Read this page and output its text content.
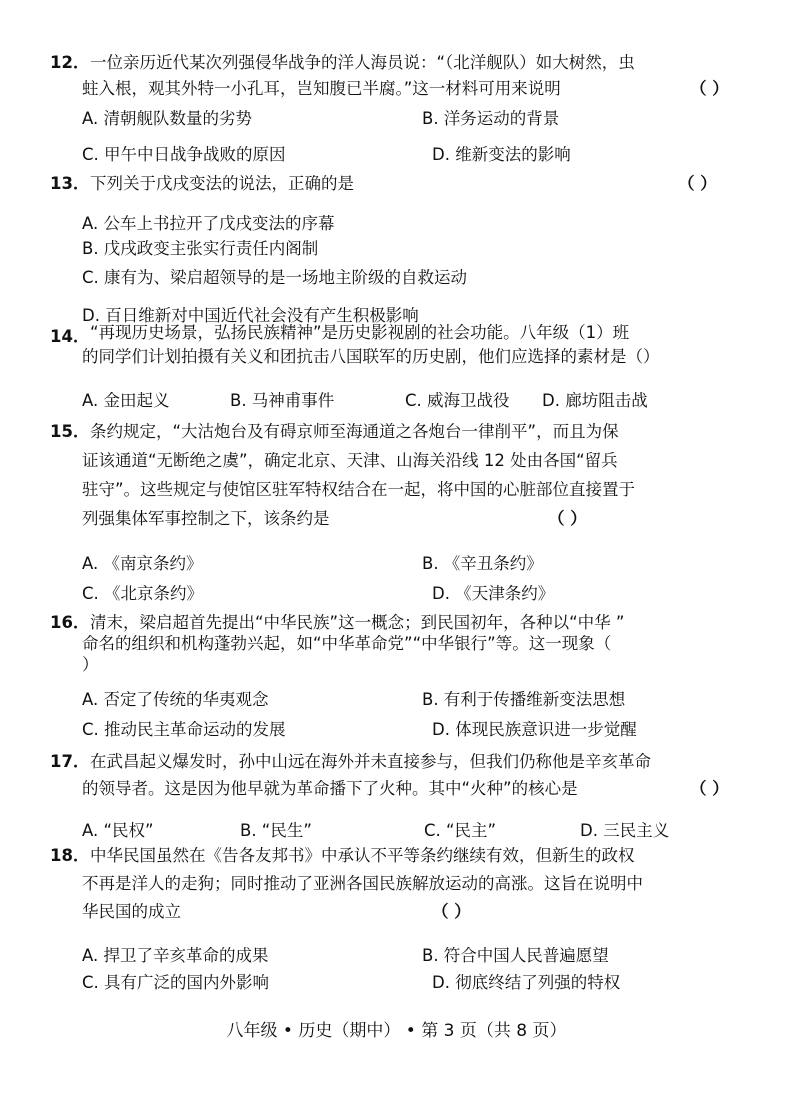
12． 一位亲历近代某次列强侵华战争的洋人海员说：“（北洋舰队）如大树然，虫
蛀入根，观其外特一小孔耳，岂知腹已半腐。”这一材料可用来说明	（ ）
A. 清朝舰队数量的劣势	B. 洋务运动的背景
C. 甲午中日战争战败的原因	D. 维新变法的影响
13． 下列关于戊戌变法的说法，正确的是	（ ）
A. 公车上书拉开了戊戌变法的序幕
B. 戊戌政变主张实行责任内阁制
C. 康有为、梁启超领导的是一场地主阶级的自救运动
D. 百日维新对中国近代社会没有产生积极影响
14． “再现历史场景，弘扬民族精神”是历史影视剧的社会功能。八年级（1）班
的同学们计划拍摄有关义和团抗击八国联军的历史剧，他们应选择的素材是（）
A. 金田起义	B. 马神甫事件	C. 威海卫战役 D. 廊坊阻击战
15． 条约规定，“大沽炮台及有碍京师至海通道之各炮台一律削平”，而且为保
证该通道“无断绝之虞”，确定北京、天津、山海关沿线 12 处由各国“留兵
驻守”。这些规定与使馆区驻军特权结合在一起，将中国的心脏部位直接置于
列强集体军事控制之下，该条约是	（ ）
A. 《南京条约》	B. 《辛丑条约》
C. 《北京条约》	D. 《天津条约》
16． 清末，梁启超首先提出“中华民族”这一概念；到民国初年，各种以“中华 ”
命名的组织和机构蓬勃兴起，如“中华革命党”“中华银行”等。这一现象（
）
A. 否定了传统的华夷观念	B. 有利于传播维新变法思想
C. 推动民主革命运动的发展	D. 体现民族意识进一步觉醒
17． 在武昌起义爆发时，孙中山远在海外并未直接参与，但我们仍称他是辛亥革命
的领导者。这是因为他早就为革命播下了火种。其中“火种”的核心是	（ ）
A. “民权”	B. “民生”	C. “民主”	D. 三民主义
18． 中华民国虽然在《告各友邦书》中承认不平等条约继续有效，但新生的政权
不再是洋人的走狗；同时推动了亚洲各国民族解放运动的高涨。这旨在说明中
华民国的成立	（ ）
A. 捍卫了辛亥革命的成果	B. 符合中国人民普遍愿望
C. 具有广泛的国内外影响	D. 彻底终结了列强的特权
八年级 • 历史（期中） • 第 3 页（共 8 页）
